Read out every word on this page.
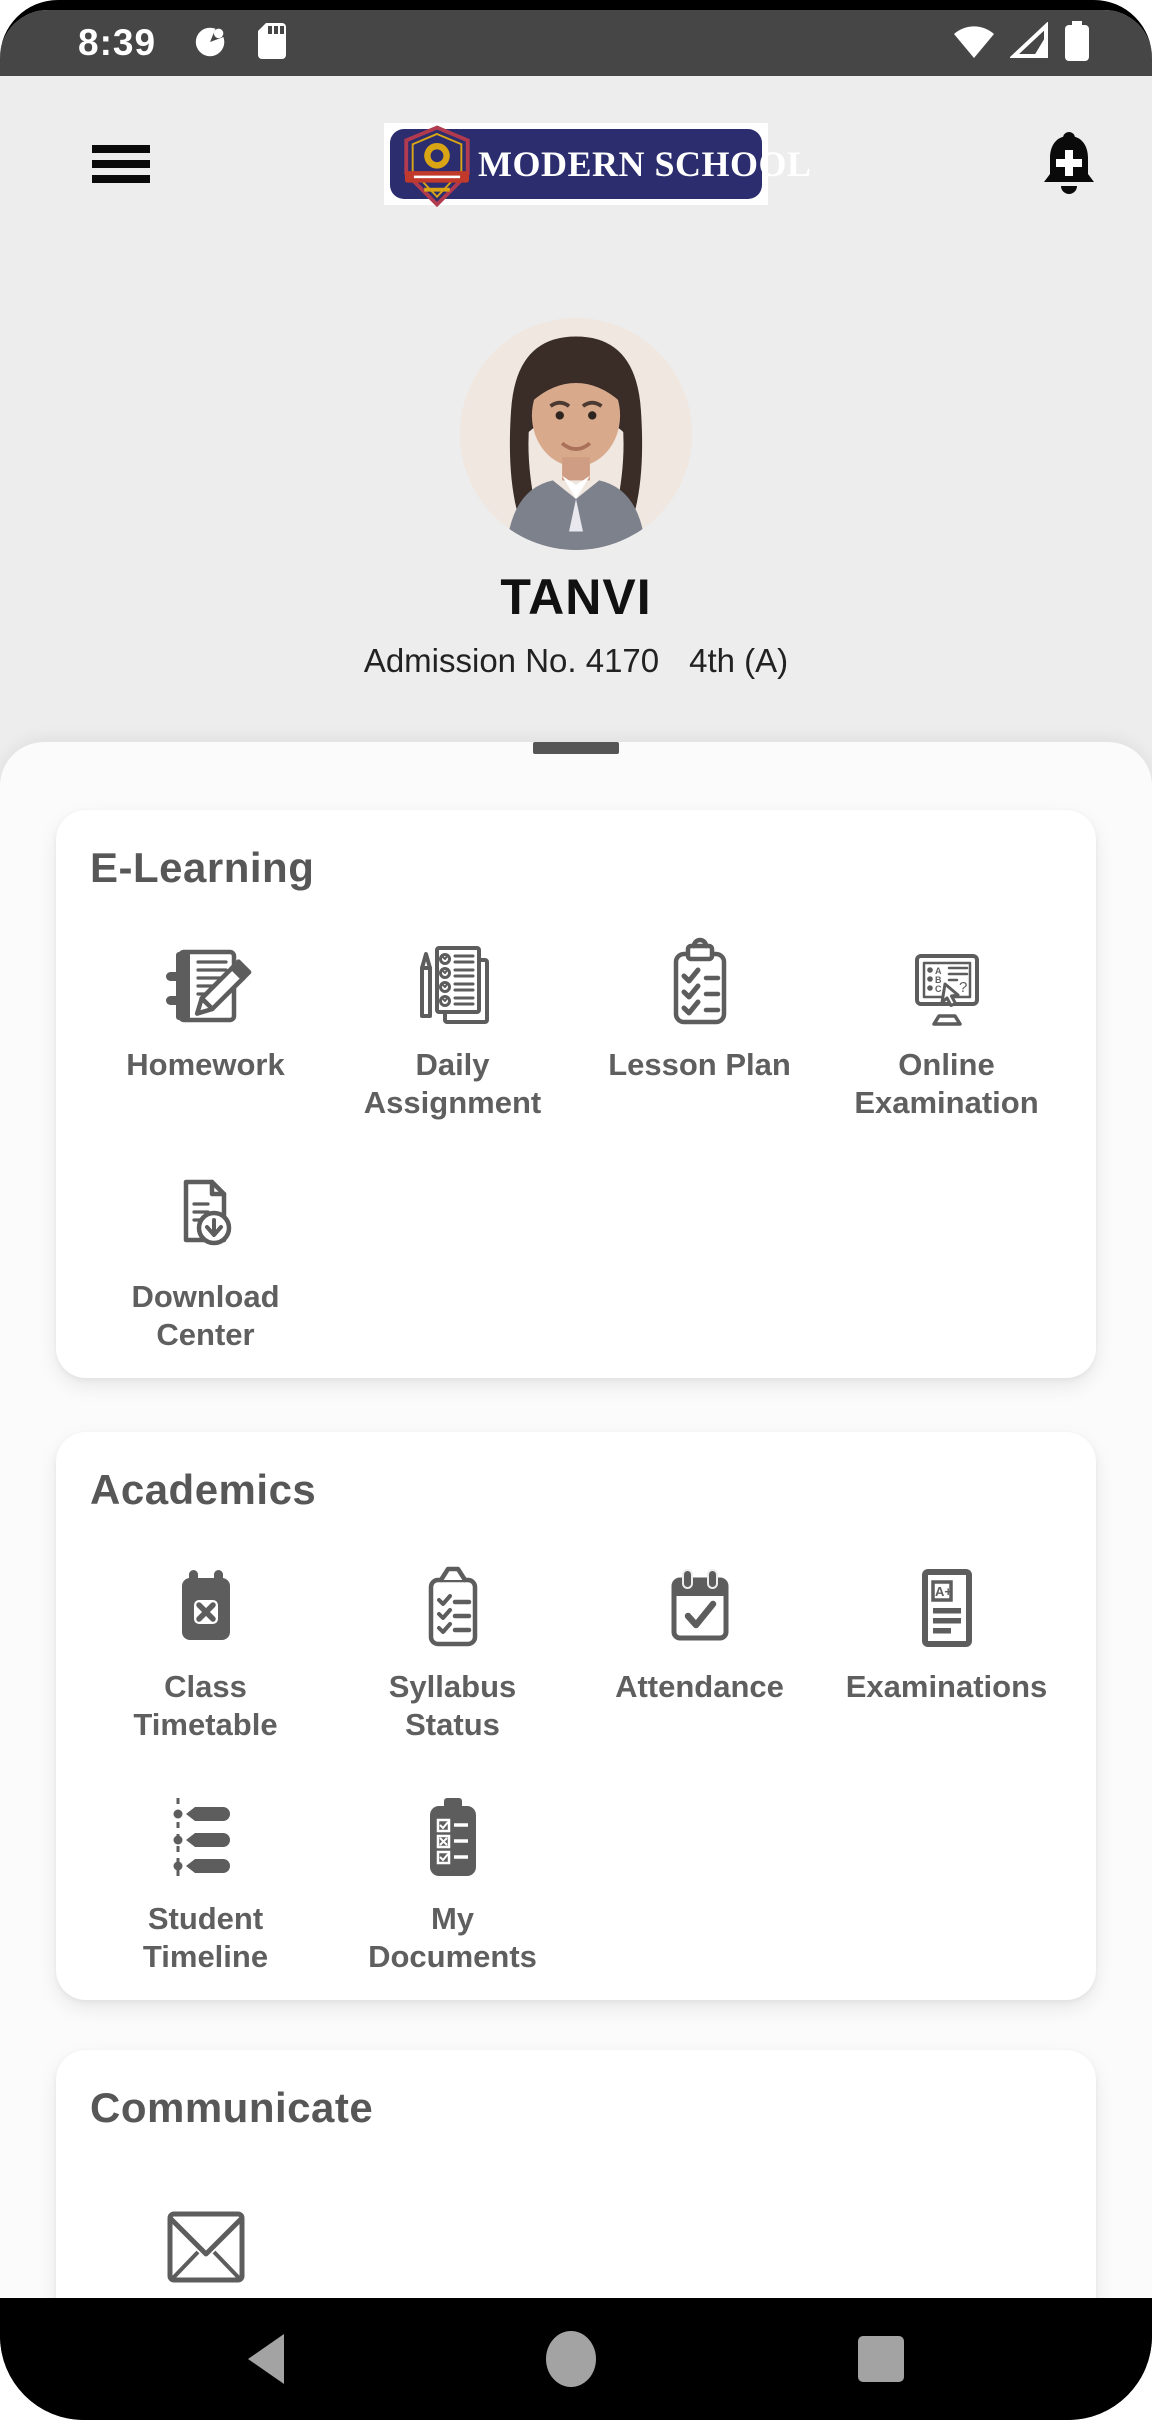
8:39
MODERN SCHOOL
TANVI
Admission No. 4170 4th (A)
E-Learning
Homework	Daily Assignment
Lesson Plan
A
B
C ?
Online Examination
Download Center
Academics
Class Timetable
Syllabus Status
Attendance
A+
Examinations
Student Timeline
My Documents
Communicate
